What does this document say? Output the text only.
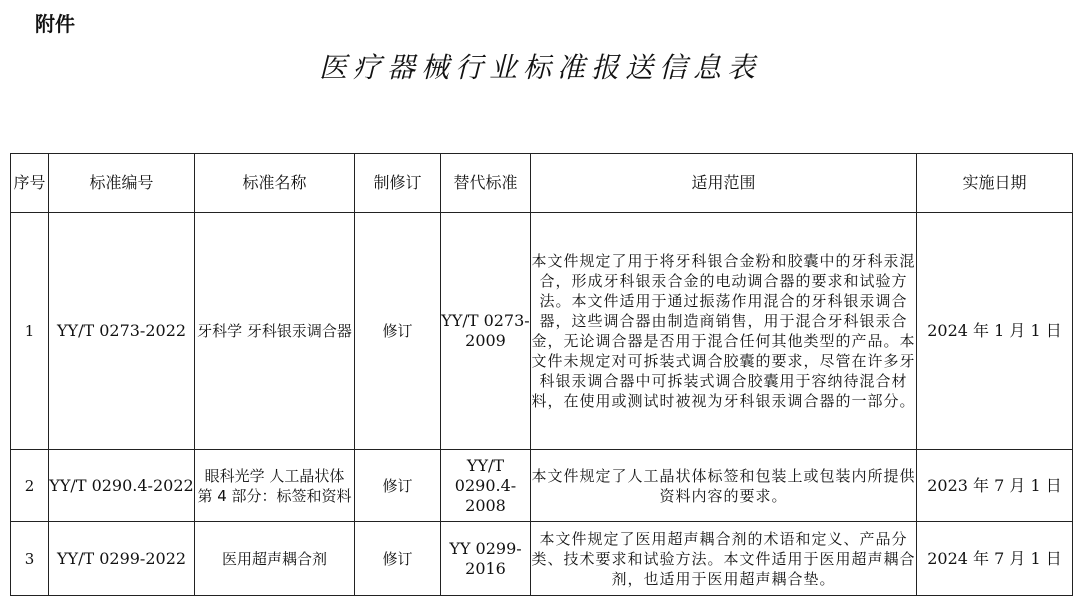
附件
医疗器械行业标准报送信息表
序号	标准编号	标准名称	制修订	替代标准	适用范围	实施日期
1	YY/T 0273-2022	牙科学 牙科银汞调合器	修订	YY/T 0273-2009	本文件规定了用于将牙科银合金粉和胶囊中的牙科汞混合，形成牙科银汞合金的电动调合器的要求和试验方法。本文件适用于通过振荡作用混合的牙科银汞调合器，这些调合器由制造商销售，用于混合牙科银汞合金，无论调合器是否用于混合任何其他类型的产品。本文件未规定对可拆装式调合胶囊的要求，尽管在许多牙科银汞调合器中可拆装式调合胶囊用于容纳待混合材料，在使用或测试时被视为牙科银汞调合器的一部分。	2024 年 1 月 1 日
2	YY/T 0290.4-2022	眼科光学 人工晶状体 第 4 部分：标签和资料	修订	YY/T 0290.4-2008	本文件规定了人工晶状体标签和包装上或包装内所提供资料内容的要求。	2023 年 7 月 1 日
3	YY/T 0299-2022	医用超声耦合剂	修订	YY 0299-2016	本文件规定了医用超声耦合剂的术语和定义、产品分类、技术要求和试验方法。本文件适用于医用超声耦合剂，也适用于医用超声耦合垫。	2024 年 7 月 1 日
